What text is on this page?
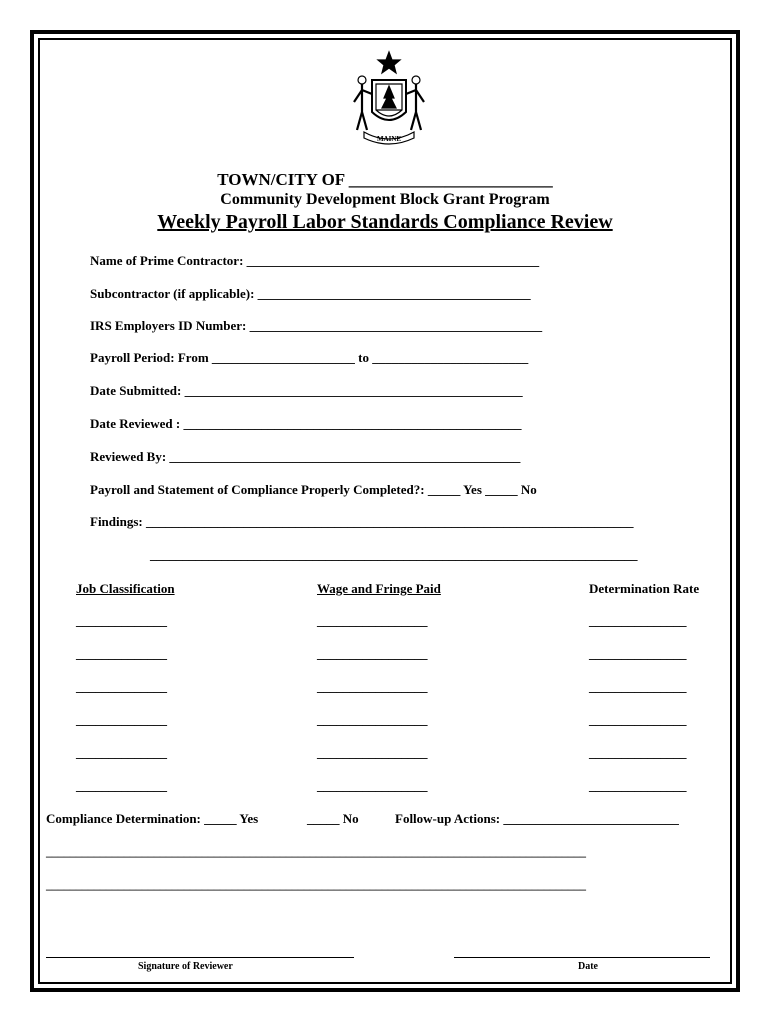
MAINE
TOWN/CITY OF ________________________
Community Development Block Grant Program
Weekly Payroll Labor Standards Compliance Review
Name of Prime Contractor: _____________________________________________
Subcontractor (if applicable): __________________________________________
IRS Employers ID Number: _____________________________________________
Payroll Period: From ______________________ to ________________________
Date Submitted: ____________________________________________________
Date Reviewed : ____________________________________________________
Reviewed By: ______________________________________________________
Payroll and Statement of Compliance Properly Completed?: _____ Yes _____ No
Findings: ___________________________________________________________________________
___________________________________________________________________________
Job Classification	Wage and Fringe Paid	Determination Rate
______________	_________________	_______________
______________	_________________	_______________
______________	_________________	_______________
______________	_________________	_______________
______________	_________________	_______________
______________	_________________	_______________
Compliance Determination: _____ Yes	_____ No	Follow-up Actions: ___________________________
__________________________________________________________________________________________
__________________________________________________________________________________________
Signature of Reviewer	Date
